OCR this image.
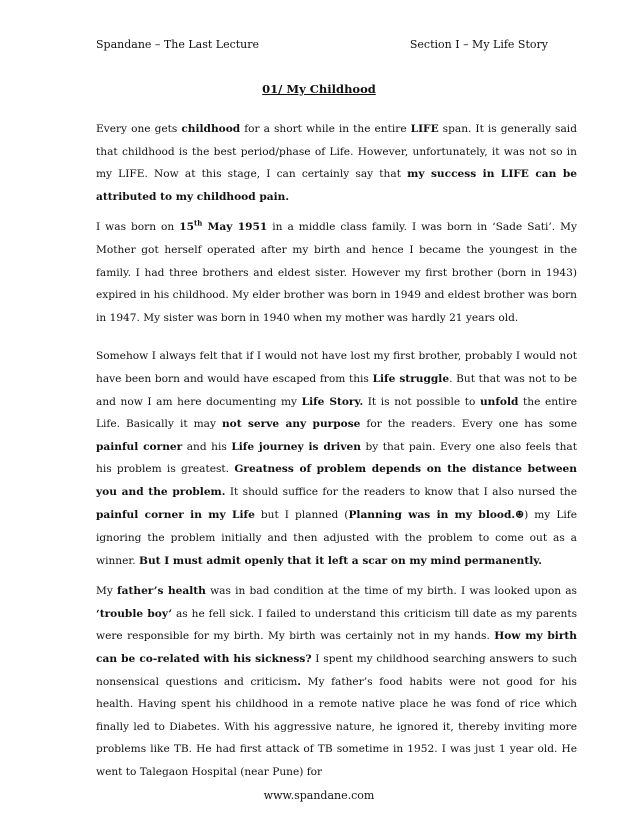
Spandane – The Last Lecture	Section I – My Life Story
01/ My Childhood

Every one gets childhood for a short while in the entire LIFE span. It is generally said that childhood is the best period/phase of Life. However, unfortunately, it was not so in my LIFE. Now at this stage, I can certainly say that my success in LIFE can be attributed to my childhood pain.

I was born on 15th May 1951 in a middle class family. I was born in ‘Sade Sati’. My Mother got herself operated after my birth and hence I became the youngest in the family. I had three brothers and eldest sister. However my first brother (born in 1943) expired in his childhood. My elder brother was born in 1949 and eldest brother was born in 1947. My sister was born in 1940 when my mother was hardly 21 years old.

Somehow I always felt that if I would not have lost my first brother, probably I would not have been born and would have escaped from this Life struggle. But that was not to be and now I am here documenting my Life Story. It is not possible to unfold the entire Life. Basically it may not serve any purpose for the readers. Every one has some painful corner and his Life journey is driven by that pain. Every one also feels that his problem is greatest. Greatness of problem depends on the distance between you and the problem. It should suffice for the readers to know that I also nursed the painful corner in my Life but I planned (Planning was in my blood.☻) my Life ignoring the problem initially and then adjusted with the problem to come out as a winner. But I must admit openly that it left a scar on my mind permanently.

My father’s health was in bad condition at the time of my birth. I was looked upon as ‘trouble boy’ as he fell sick. I failed to understand this criticism till date as my parents were responsible for my birth. My birth was certainly not in my hands. How my birth can be co-related with his sickness? I spent my childhood searching answers to such nonsensical questions and criticism. My father’s food habits were not good for his health. Having spent his childhood in a remote native place he was fond of rice which finally led to Diabetes. With his aggressive nature, he ignored it, thereby inviting more problems like TB. He had first attack of TB sometime in 1952. I was just 1 year old. He went to Talegaon Hospital (near Pune) for

www.spandane.com
